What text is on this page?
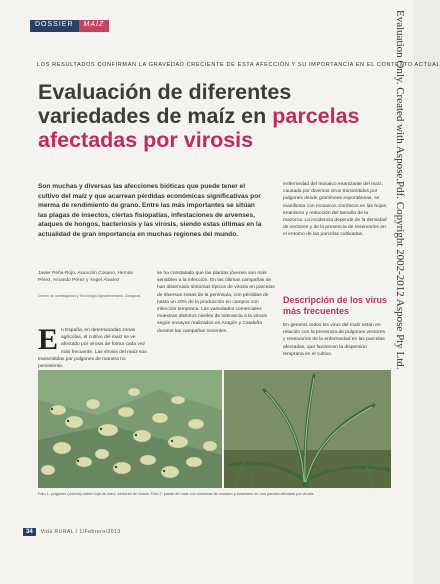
DOSSIER	MAÍZ
LOS RESULTADOS CONFIRMAN LA GRAVEDAD CRECIENTE DE ESTA AFECCIÓN Y SU IMPORTANCIA EN EL CONTEXTO ACTUAL
Evaluación de diferentes
variedades de maíz en parcelas
afectadas por virosis

Son muchas y diversas las afecciones bióticas que puede tener el cultivo del maíz y que acarrean pérdidas económicas significativas por merma de rendimiento de grano. Entre las más importantes se sitúan las plagas de insectos, ciertas fisiopatías, infestaciones de arvenses, ataques de hongos, bacteriosis y las virosis, siendo estas últimas en la actualidad de gran importancia en muchas regiones del mundo.

Javier Peña-Rojo, Asunción Cosano, Hernán Pérez, Amando Pérez y Ángel Álvarez

Centro de Investigación y Tecnología Agroalimentaria. Zaragoza.

En España, en determinadas zonas agrícolas, el cultivo del maíz se ve afectado por virosis de forma cada vez más frecuente. Las virosis del maíz son transmitidas por pulgones de manera no persistente.

se ha constatado que las plantas jóvenes son más sensibles a la infección. En las últimas campañas se han observado síntomas típicos de virosis en parcelas de diversas zonas de la península, con pérdidas de hasta un 40% de la producción en campos con infección temprana. Las variedades comerciales muestran distintos niveles de tolerancia a la virosis según ensayos realizados en Aragón y Cataluña durante las campañas recientes.

enfermedad del mosaico enanizante del maíz, causada por diversos virus transmitidos por pulgones desde gramíneas espontáneas, se manifiesta con mosaicos cloróticos en las hojas, enanismo y reducción del tamaño de la mazorca. La incidencia depende de la densidad de vectores y de la presencia de reservorios en el entorno de las parcelas cultivadas.

Descripción de los virus más frecuentes

En general, todos los virus del maíz están en relación con la presencia de pulgones vectores y reservorios de la enfermedad en las parcelas afectadas, que favorecen la dispersión temprana en el cultivo.

Foto 1: pulgones (colonia) sobre hoja de maíz, vectores de virosis. Foto 2: planta de maíz con síntomas de mosaico y enanismo en una parcela afectada por virosis.

34	Vida RURAL / 1/Febrero/2013
Evaluation Only. Created with Aspose.Pdf. Copyright 2002-2012 Aspose Pty Ltd.
